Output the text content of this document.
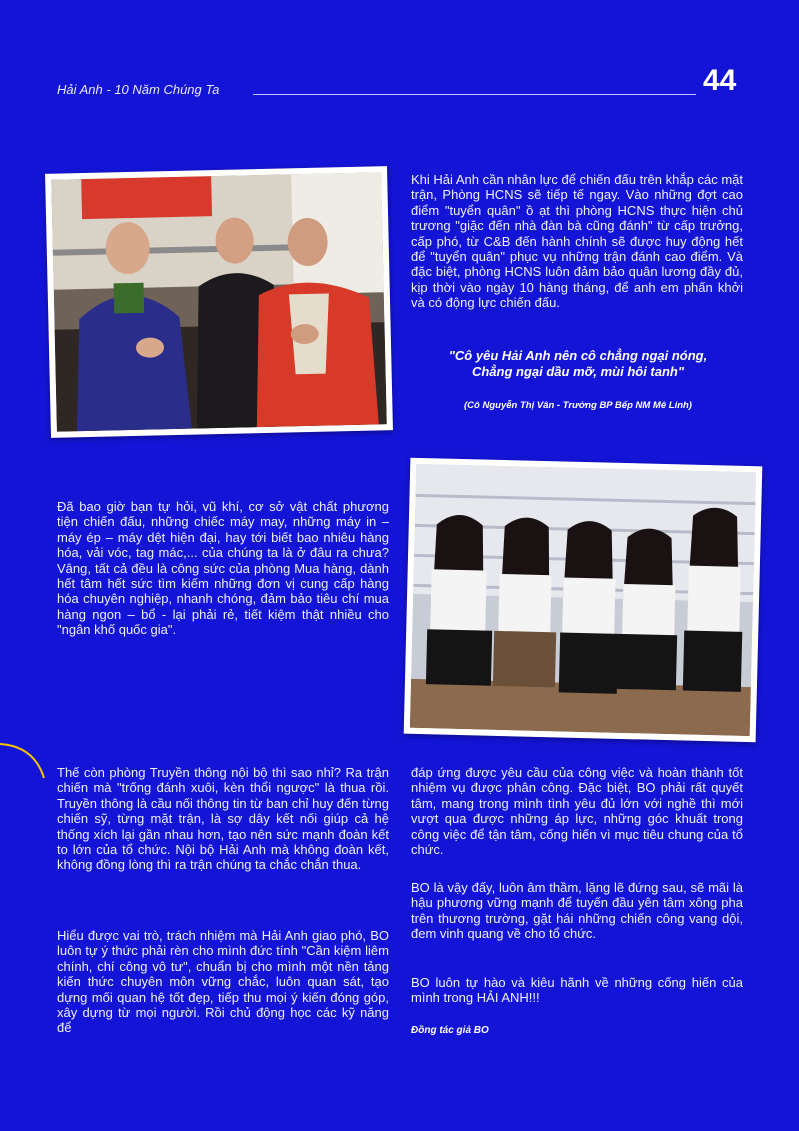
Hải Anh - 10 Năm Chúng Ta	44

Khi Hải Anh cần nhân lực để chiến đấu trên khắp các mặt trận, Phòng HCNS sẽ tiếp tế ngay. Vào những đợt cao điểm "tuyển quân" ồ ạt thì phòng HCNS thực hiện chủ trương "giặc đến nhà đàn bà cũng đánh" từ cấp trưởng, cấp phó, từ C&B đến hành chính sẽ được huy động hết để "tuyển quân" phục vụ những trận đánh cao điểm. Và đặc biệt, phòng HCNS luôn đảm bảo quân lương đầy đủ, kịp thời vào ngày 10 hàng tháng, để anh em phấn khởi và có động lực chiến đấu.

"Cô yêu Hải Anh nên cô chẳng ngại nóng,
Chẳng ngại dầu mỡ, mùi hôi tanh"
(Cô Nguyễn Thị Vân - Trưởng BP Bếp NM Mê Linh)

Đã bao giờ bạn tự hỏi, vũ khí, cơ sở vật chất phương tiện chiến đấu, những chiếc máy may, những máy in – máy ép – máy dệt hiện đại, hay tới biết bao nhiêu hàng hóa, vải vóc, tag mác,... của chúng ta là ở đâu ra chưa? Vâng, tất cả đều là công sức của phòng Mua hàng, dành hết tâm hết sức tìm kiếm những đơn vị cung cấp hàng hóa chuyên nghiệp, nhanh chóng, đảm bảo tiêu chí mua hàng ngon – bổ - lại phải rẻ, tiết kiệm thật nhiều cho "ngân khố quốc gia".

Thế còn phòng Truyền thông nội bộ thì sao nhỉ? Ra trận chiến mà "trống đánh xuôi, kèn thổi ngược" là thua rồi. Truyền thông là cầu nối thông tin từ ban chỉ huy đến từng chiến sỹ, từng mặt trận, là sợ dây kết nối giúp cả hệ thống xích lại gần nhau hơn, tạo nên sức mạnh đoàn kết to lớn của tổ chức. Nội bộ Hải Anh mà không đoàn kết, không đồng lòng thì ra trận chúng ta chắc chắn thua.

Hiểu được vai trò, trách nhiệm mà Hải Anh giao phó, BO luôn tự ý thức phải rèn cho mình đức tính "Cần kiệm liêm chính, chí công vô tư", chuẩn bị cho mình một nền tảng kiến thức chuyên môn vững chắc, luôn quan sát, tạo dựng mối quan hệ tốt đẹp, tiếp thu mọi ý kiến đóng góp, xây dựng từ mọi người. Rồi chủ động học các kỹ năng để

đáp ứng được yêu cầu của công việc và hoàn thành tốt nhiệm vụ được phân công. Đặc biệt, BO phải rất quyết tâm, mang trong mình tình yêu đủ lớn với nghề thì mới vượt qua được những áp lực, những góc khuất trong công việc để tận tâm, cống hiến vì mục tiêu chung của tổ chức.

BO là vậy đấy, luôn âm thầm, lặng lẽ đứng sau, sẽ mãi là hậu phương vững mạnh để tuyến đầu yên tâm xông pha trên thương trường, gặt hái những chiến công vang dội, đem vinh quang về cho tổ chức.

BO luôn tự hào và kiêu hãnh về những cống hiến của mình trong HẢI ANH!!!

Đồng tác giả BO
